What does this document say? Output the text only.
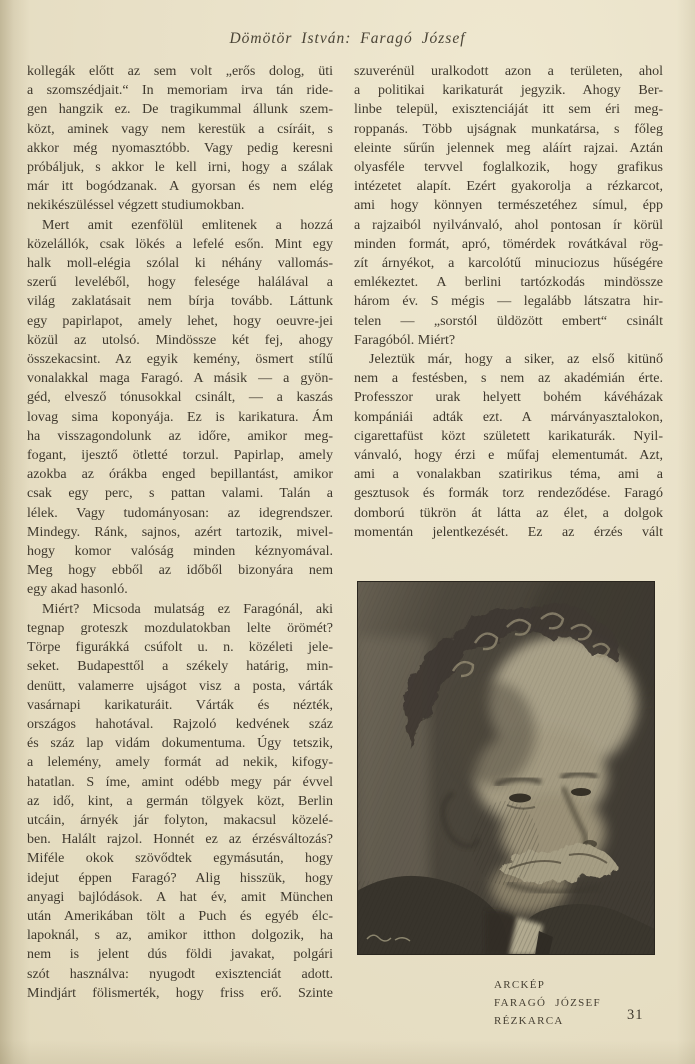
Dömötör István: Faragó József

kollegák előtt az sem volt „erős dolog, üti
a szomszédjait.“ In memoriam irva tán ride-
gen hangzik ez. De tragikummal állunk szem-
közt, aminek vagy nem kerestük a csíráit, s
akkor még nyomasztóbb. Vagy pedig keresni
próbáljuk, s akkor le kell irni, hogy a szálak
már itt bogódzanak. A gyorsan és nem elég
nekikészüléssel végzett studiumokban.

Mert amit ezenfölül emlitenek a hozzá
közelállók, csak lökés a lefelé esőn. Mint egy
halk moll-elégia szólal ki néhány vallomás-
szerű leveléből, hogy felesége halálával a
világ zaklatásait nem bírja tovább. Láttunk
egy papirlapot, amely lehet, hogy oeuvre-jei
közül az utolsó. Mindössze két fej, ahogy
összekacsint. Az egyik kemény, ösmert stílű
vonalakkal maga Faragó. A másik — a gyön-
géd, elvesző tónusokkal csinált, — a kaszás
lovag sima koponyája. Ez is karikatura. Ám
ha visszagondolunk az időre, amikor meg-
fogant, ijesztő ötletté torzul. Papirlap, amely
azokba az órákba enged bepillantást, amikor
csak egy perc, s pattan valami. Talán a
lélek. Vagy tudományosan: az idegrendszer.
Mindegy. Ránk, sajnos, azért tartozik, mivel-
hogy komor valóság minden kéznyomával.
Meg hogy ebből az időből bizonyára nem
egy akad hasonló.

Miért? Micsoda mulatság ez Faragónál, aki
tegnap groteszk mozdulatokban lelte örömét?
Törpe figurákká csúfolt u. n. közéleti jele-
seket. Budapesttől a székely határig, min-
denütt, valamerre ujságot visz a posta, várták
vasárnapi karikaturáit. Várták és nézték,
országos hahotával. Rajzoló kedvének száz
és száz lap vidám dokumentuma. Úgy tetszik,
a lelemény, amely formát ad nekik, kifogy-
hatatlan. S íme, amint odébb megy pár évvel
az idő, kint, a germán tölgyek közt, Berlin
utcáin, árnyék jár folyton, makacsul közelé-
ben. Halált rajzol. Honnét ez az érzésváltozás?
Miféle okok szövődtek egymásután, hogy
idejut éppen Faragó? Alig hisszük, hogy
anyagi bajlódások. A hat év, amit München
után Amerikában tölt a Puch és egyéb élc-
lapoknál, s az, amikor itthon dolgozik, ha
nem is jelent dús földi javakat, polgári
szót használva: nyugodt exisztenciát adott.
Mindjárt fölismerték, hogy friss erő. Szinte

szuverénül uralkodott azon a területen, ahol
a politikai karikaturát jegyzik. Ahogy Ber-
linbe települ, exisztenciáját itt sem éri meg-
roppanás. Több ujságnak munkatársa, s főleg
eleinte sűrűn jelennek meg aláírt rajzai. Aztán
olyasféle tervvel foglalkozik, hogy grafikus
intézetet alapít. Ezért gyakorolja a rézkarcot,
ami hogy könnyen természetéhez símul, épp
a rajzaiból nyilvánvaló, ahol pontosan ír körül
minden formát, apró, tömérdek rovátkával rög-
zít árnyékot, a karcolótű minuciozus hűségére
emlékeztet. A berlini tartózkodás mindössze
három év. S mégis — legalább látszatra hir-
telen — „sorstól üldözött embert“ csinált
Faragóból. Miért?

Jeleztük már, hogy a siker, az első kitünő
nem a festésben, s nem az akadémián érte.
Professzor urak helyett bohém kávéházak
kompániái adták ezt. A márványasztalokon,
cigarettafüst közt született karikaturák. Nyil-
vánvaló, hogy érzi e műfaj elementumát. Azt,
ami a vonalakban szatirikus téma, ami a
gesztusok és formák torz rendeződése. Faragó
domború tükrön át látta az élet, a dolgok
momentán jelentkezését. Ez az érzés vált

ARCKÉP
FARAGÓ JÓZSEF RÉZKARCA	31
